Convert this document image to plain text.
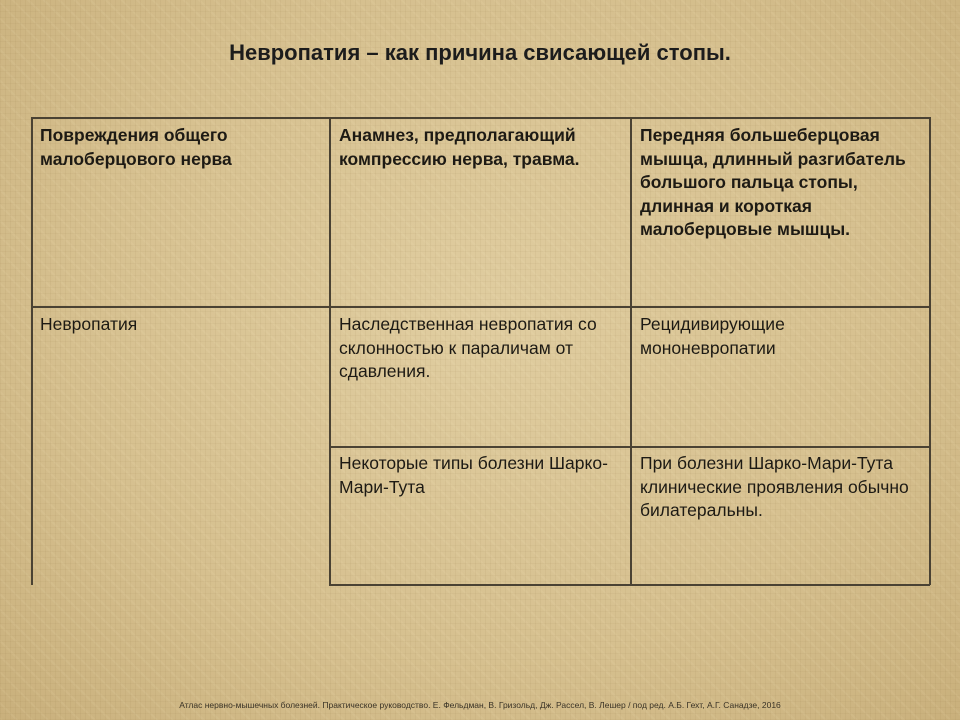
Невропатия – как причина свисающей стопы.
Повреждения общего малоберцового нерва
Анамнез, предполагающий компрессию нерва, травма.
Передняя большеберцовая мышца, длинный разгибатель большого пальца стопы, длинная и короткая малоберцовые мышцы.
Невропатия	Наследственная невропатия со склонностью к параличам от сдавления.
Рецидивирующие мононевропатии
Некоторые типы болезни Шарко-Мари-Тута
При болезни Шарко-Мари-Тута клинические проявления обычно билатеральны.
Атлас нервно-мышечных болезней. Практическое руководство. Е. Фельдман, В. Гризольд, Дж. Рассел, В. Лешер / под ред. А.Б. Гехт, А.Г. Санадзе, 2016
